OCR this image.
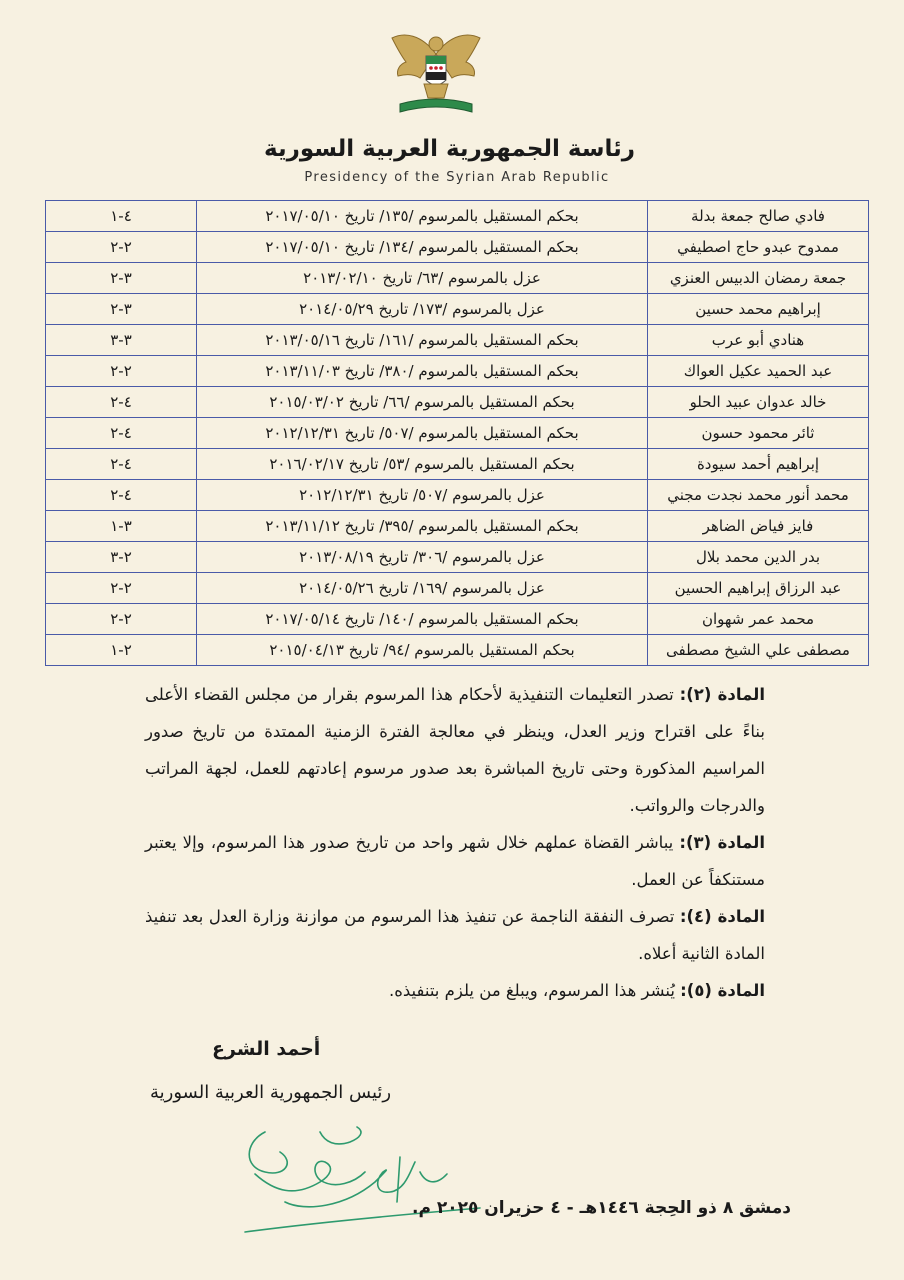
رئاسة الجمهورية العربية السورية
Presidency of the Syrian Arab Republic
فادي صالح جمعة بدلة	بحكم المستقيل بالمرسوم /١٣٥/ تاريخ ٢٠١٧/٠٥/١٠	٤-١
ممدوح عبدو حاج اصطيفي	بحكم المستقيل بالمرسوم /١٣٤/ تاريخ ٢٠١٧/٠٥/١٠	٢-٢
جمعة رمضان الدبيس العنزي	عزل بالمرسوم /٦٣/ تاريخ ٢٠١٣/٠٢/١٠	٣-٢
إبراهيم محمد حسين	عزل بالمرسوم /١٧٣/ تاريخ ٢٠١٤/٠٥/٢٩	٣-٢
هنادي أبو عرب	بحكم المستقيل بالمرسوم /١٦١/ تاريخ ٢٠١٣/٠٥/١٦	٣-٣
عبد الحميد عكيل العواك	بحكم المستقيل بالمرسوم /٣٨٠/ تاريخ ٢٠١٣/١١/٠٣	٢-٢
خالد عدوان عبيد الحلو	بحكم المستقيل بالمرسوم /٦٦/ تاريخ ٢٠١٥/٠٣/٠٢	٤-٢
ثائر محمود حسون	بحكم المستقيل بالمرسوم /٥٠٧/ تاريخ ٢٠١٢/١٢/٣١	٤-٢
إبراهيم أحمد سيودة	بحكم المستقيل بالمرسوم /٥٣/ تاريخ ٢٠١٦/٠٢/١٧	٤-٢
محمد أنور محمد نجدت مجني	عزل بالمرسوم /٥٠٧/ تاريخ ٢٠١٢/١٢/٣١	٤-٢
فايز فياض الضاهر	بحكم المستقيل بالمرسوم /٣٩٥/ تاريخ ٢٠١٣/١١/١٢	٣-١
بدر الدين محمد بلال	عزل بالمرسوم /٣٠٦/ تاريخ ٢٠١٣/٠٨/١٩	٢-٣
عبد الرزاق إبراهيم الحسين	عزل بالمرسوم /١٦٩/ تاريخ ٢٠١٤/٠٥/٢٦	٢-٢
محمد عمر شهوان	بحكم المستقيل بالمرسوم /١٤٠/ تاريخ ٢٠١٧/٠٥/١٤	٢-٢
مصطفى علي الشيخ مصطفى	بحكم المستقيل بالمرسوم /٩٤/ تاريخ ٢٠١٥/٠٤/١٣	٢-١

المادة (٢): تصدر التعليمات التنفيذية لأحكام هذا المرسوم بقرار من مجلس القضاء الأعلى بناءً على اقتراح وزير العدل، وينظر في معالجة الفترة الزمنية الممتدة من تاريخ صدور المراسيم المذكورة وحتى تاريخ المباشرة بعد صدور مرسوم إعادتهم للعمل، لجهة المراتب والدرجات والرواتب.

المادة (٣): يباشر القضاة عملهم خلال شهر واحد من تاريخ صدور هذا المرسوم، وإلا يعتبر مستنكفاً عن العمل.

المادة (٤): تصرف النفقة الناجمة عن تنفيذ هذا المرسوم من موازنة وزارة العدل بعد تنفيذ المادة الثانية أعلاه.

المادة (٥): يُنشر هذا المرسوم، ويبلغ من يلزم بتنفيذه.

أحمد الشرع
رئيس الجمهورية العربية السورية
دمشق ٨ ذو الحِجة ١٤٤٦هـ - ٤ حزيران ٢٠٢٥ م.
